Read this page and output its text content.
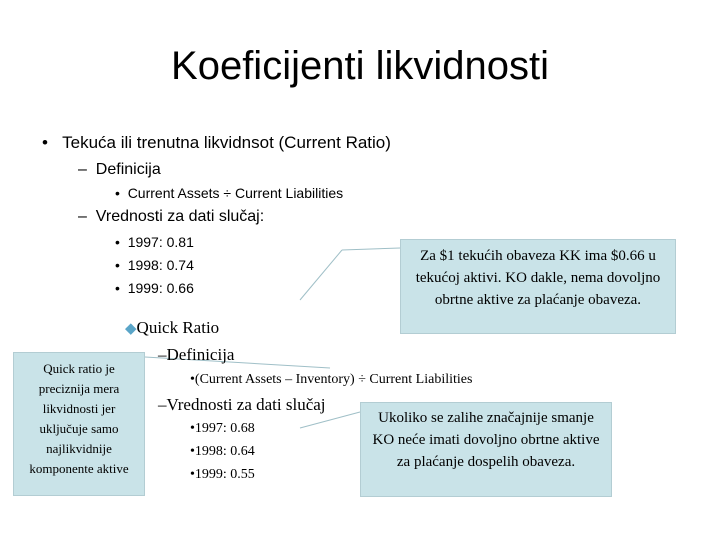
Koeficijenti likvidnosti
• Tekuća ili trenutna likvidnsot (Current Ratio)
–  Definicija
•  Current Assets ÷ Current Liabilities
–  Vrednosti za dati slučaj:
•  1997: 0.81
•  1998: 0.74
•  1999: 0.66
◆Quick Ratio
–Definicija
•(Current Assets – Inventory) ÷ Current Liabilities
–Vrednosti za dati slučaj
•1997: 0.68
•1998: 0.64
•1999: 0.55
Za $1 tekućih obaveza KK ima $0.66 u tekućoj aktivi. KO dakle, nema dovoljno obrtne aktive za plaćanje obaveza.
Ukoliko se zalihe značajnije smanje KO neće imati dovoljno obrtne aktive za plaćanje dospelih obaveza.
Quick ratio je preciznija mera likvidnosti jer uključuje samo najlikvidnije komponente aktive
